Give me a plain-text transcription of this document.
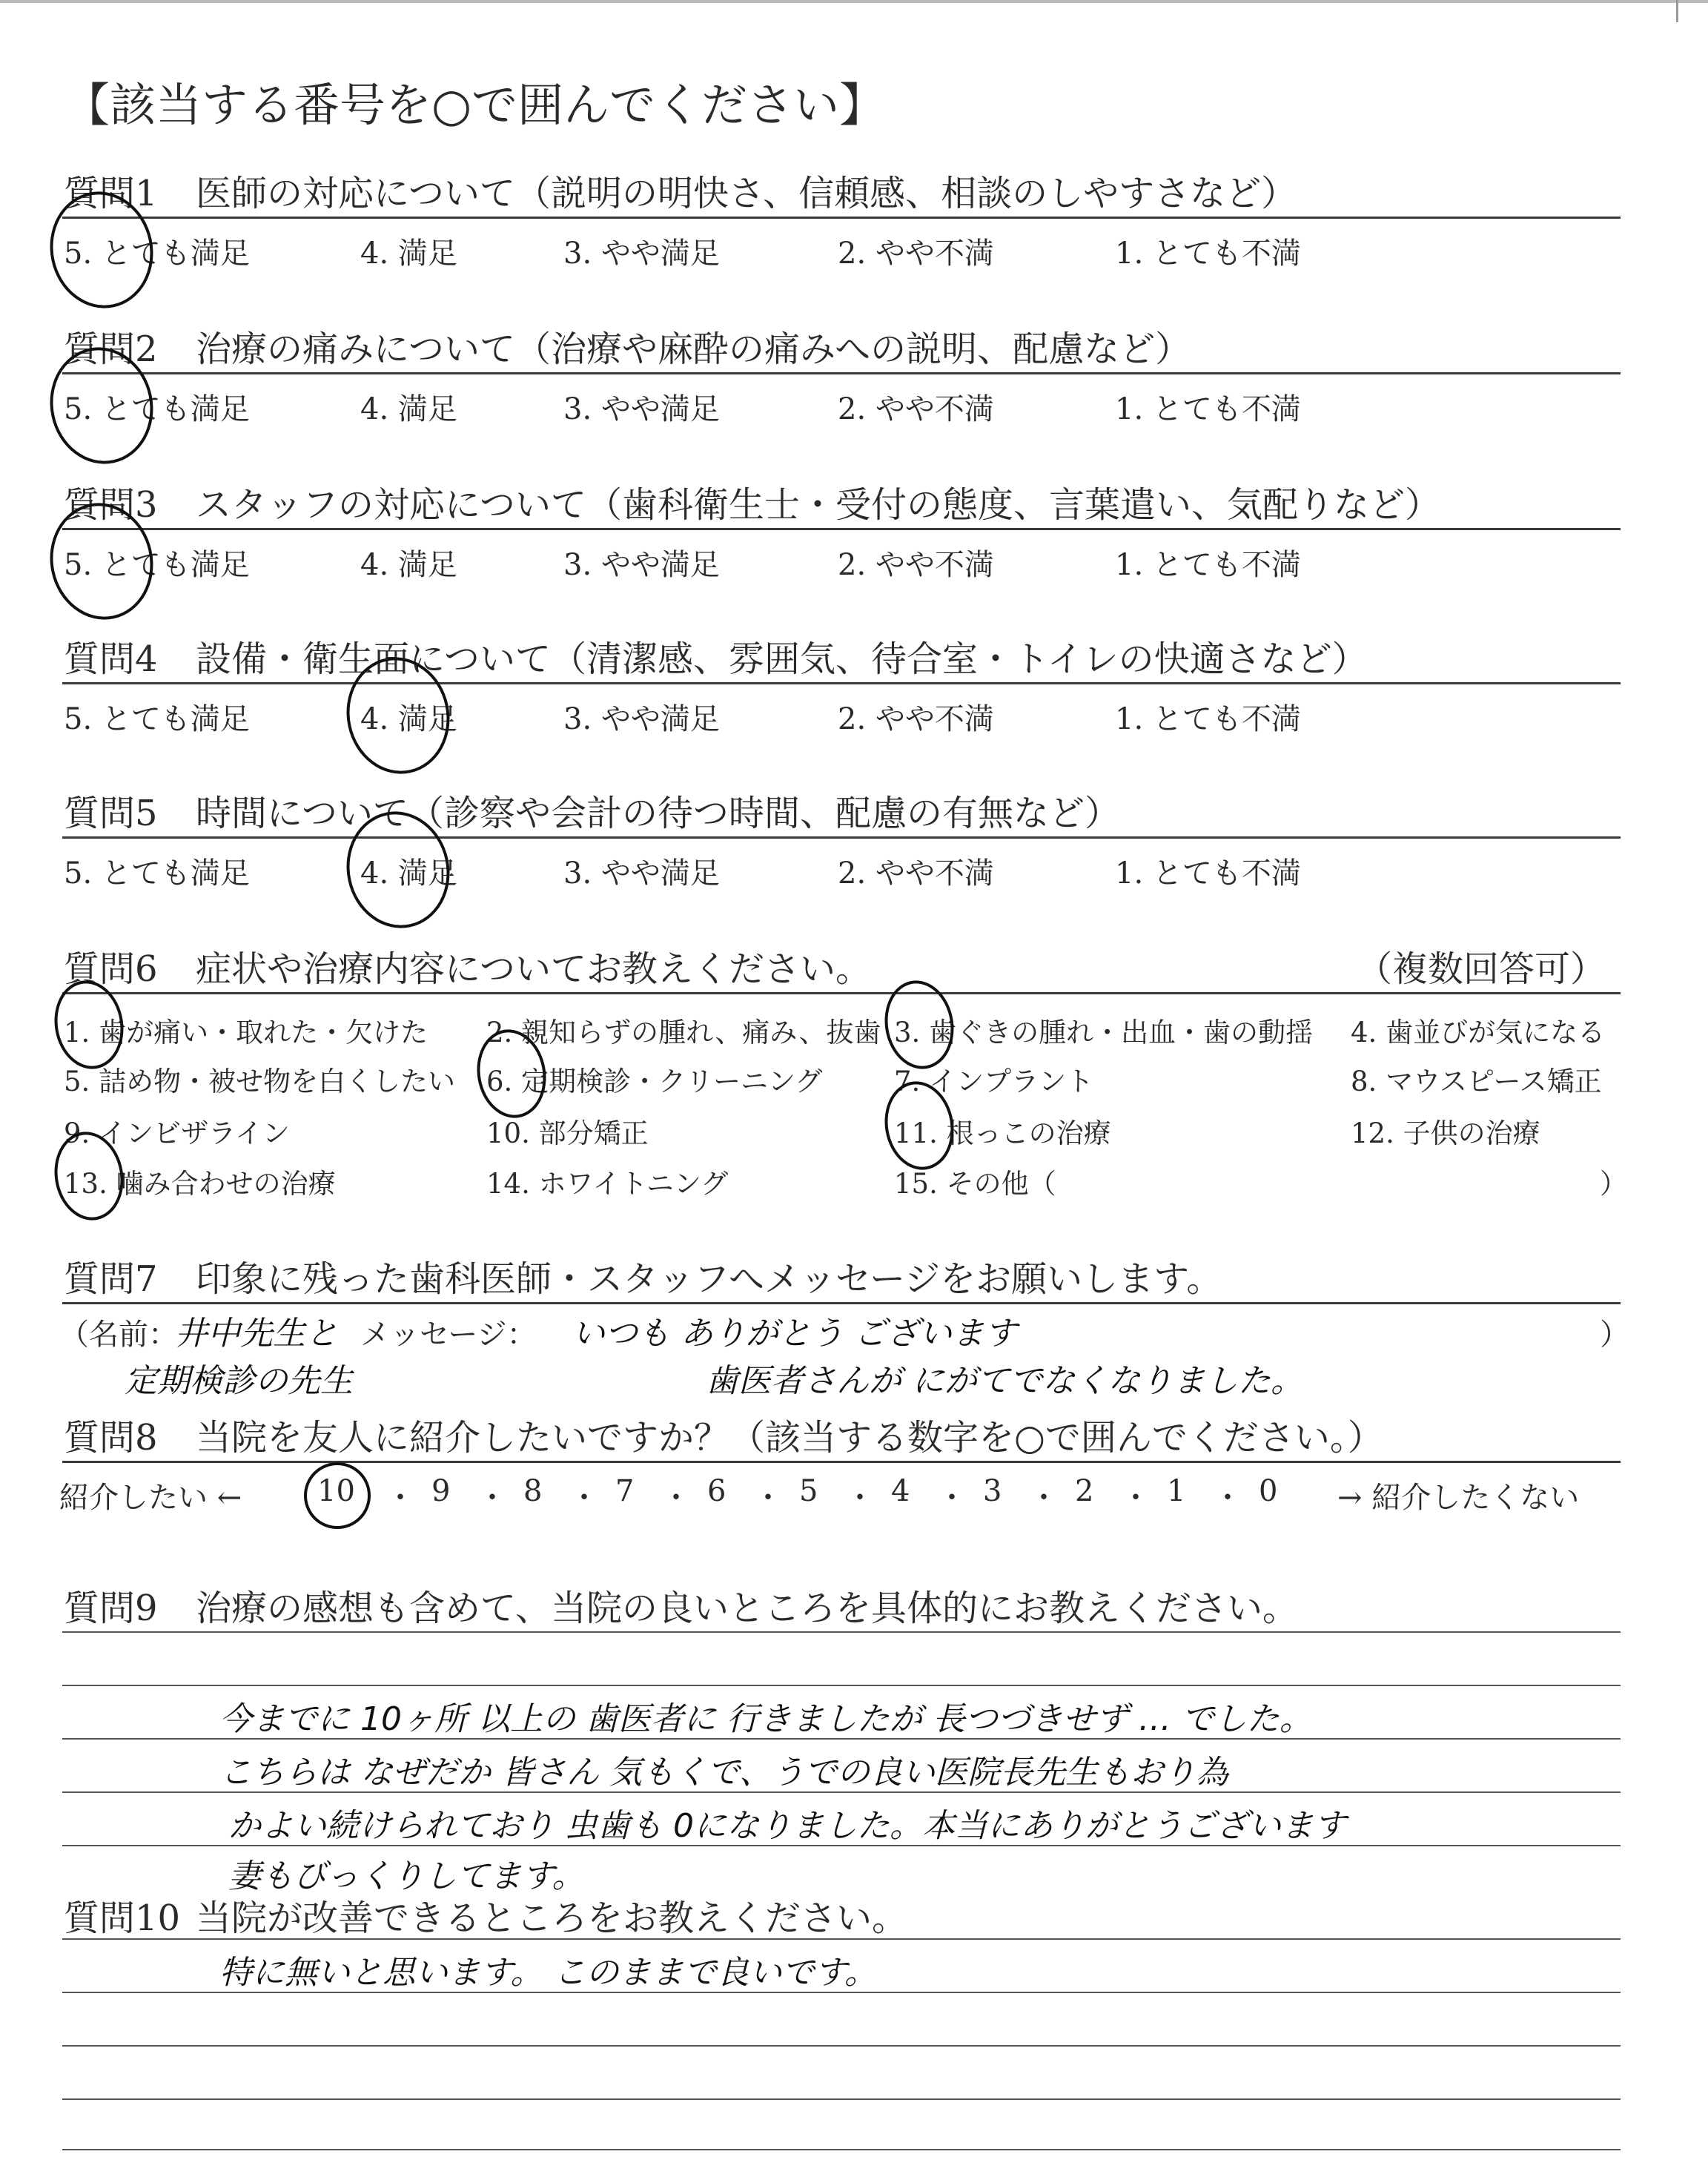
【該当する番号を○で囲んでください】
質問1 医師の対応について（説明の明快さ、信頼感、相談のしやすさなど）
5. とても満足	4. 満足	3. やや満足	2. やや不満	1. とても不満
質問2 治療の痛みについて（治療や麻酔の痛みへの説明、配慮など）
5. とても満足	4. 満足	3. やや満足	2. やや不満	1. とても不満
質問3 スタッフの対応について（歯科衛生士・受付の態度、言葉遣い、気配りなど）
5. とても満足	4. 満足	3. やや満足	2. やや不満	1. とても不満
質問4 設備・衛生面について（清潔感、雰囲気、待合室・トイレの快適さなど）
5. とても満足	4. 満足	3. やや満足	2. やや不満	1. とても不満
質問5 時間について（診察や会計の待つ時間、配慮の有無など）
5. とても満足	4. 満足	3. やや満足	2. やや不満	1. とても不満
質問6 症状や治療内容についてお教えください。	（複数回答可）
1. 歯が痛い・取れた・欠けた 2. 親知らずの腫れ、痛み、抜歯 3. 歯ぐきの腫れ・出血・歯の動揺 4. 歯並びが気になる
5. 詰め物・被せ物を白くしたい 6. 定期検診・クリーニング	7. インプラント	8. マウスピース矯正
9. インビザライン	10. 部分矯正	11. 根っこの治療	12. 子供の治療
13. 噛み合わせの治療	14. ホワイトニング	15. その他（	）
質問7 印象に残った歯科医師・スタッフへメッセージをお願いします。
（名前：
井中先生と
定期検診の先生
メッセージ： いつも ありがとう ございます
歯医者さんが にがてでなくなりました。
）
質問8 当院を友人に紹介したいですか？（該当する数字を○で囲んでください。）
紹介したい ←	10 ・ 9 ・ 8 ・ 7 ・ 6 ・ 5 ・ 4 ・ 3 ・ 2 ・ 1 ・ 0 → 紹介したくない
質問9 治療の感想も含めて、当院の良いところを具体的にお教えください。
今までに 10ヶ所 以上の 歯医者に 行きましたが 長つづきせず … でした。
こちらは なぜだか 皆さん 気もくで、うでの良い医院長先生もおり為
かよい続けられており 虫歯も 0になりました。本当にありがとうございます
妻もびっくりしてます。
質問10 当院が改善できるところをお教えください。
特に無いと思います。 このままで良いです。
